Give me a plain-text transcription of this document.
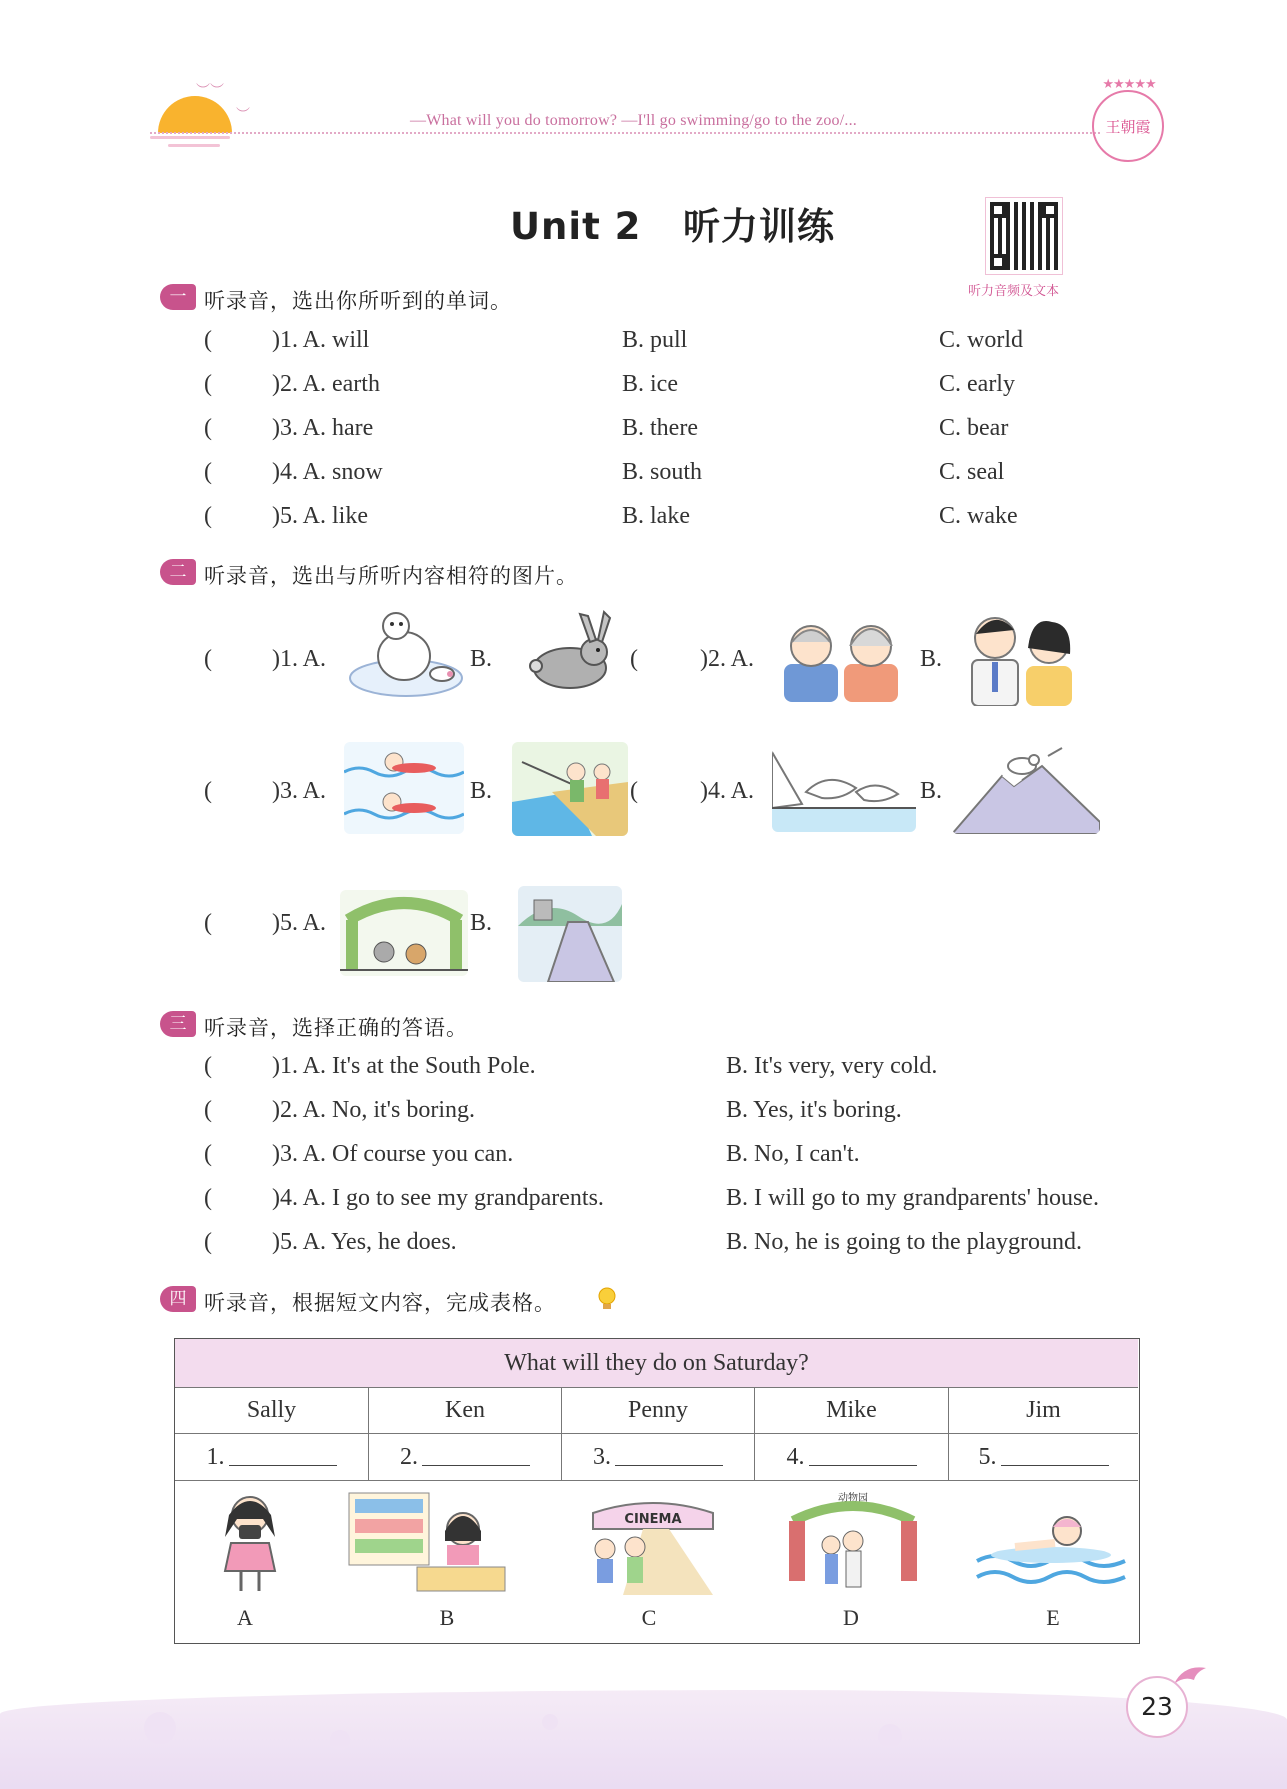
︶︶
︶	—What will you do tomorrow? —I'll go swimming/go to the zoo/...
★★★★★
王朝霞
Unit 2   听力训练
听力音频及文本
一 听录音，选出你所听到的单词。
(	)1. A. will	B. pull	C. world
(	)2. A. earth	B. ice	C. early
(	)3. A. hare	B. there	C. bear
(	)4. A. snow	B. south	C. seal
(	)5. A. like	B. lake	C. wake
二 听录音，选出与所听内容相符的图片。
(	)1. A.	B.	(	)2. A.	B.
(	)3. A.	B.	(	)4. A.	B.
(	)5. A.	B.
三 听录音，选择正确的答语。
(	)1. A. It's at the South Pole.	B. It's very, very cold.
(	)2. A. No, it's boring.	B. Yes, it's boring.
(	)3. A. Of course you can.	B. No, I can't.
(	)4. A. I go to see my grandparents.	B. I will go to my grandparents' house.
(	)5. A. Yes, he does.	B. No, he is going to the playground.
四 听录音，根据短文内容，完成表格。
What will they do on Saturday?
Sally	Ken	Penny	Mike	Jim
1.	2.	3.	4.	5.
CINEMA
动物园
A	B	C	D	E
23
